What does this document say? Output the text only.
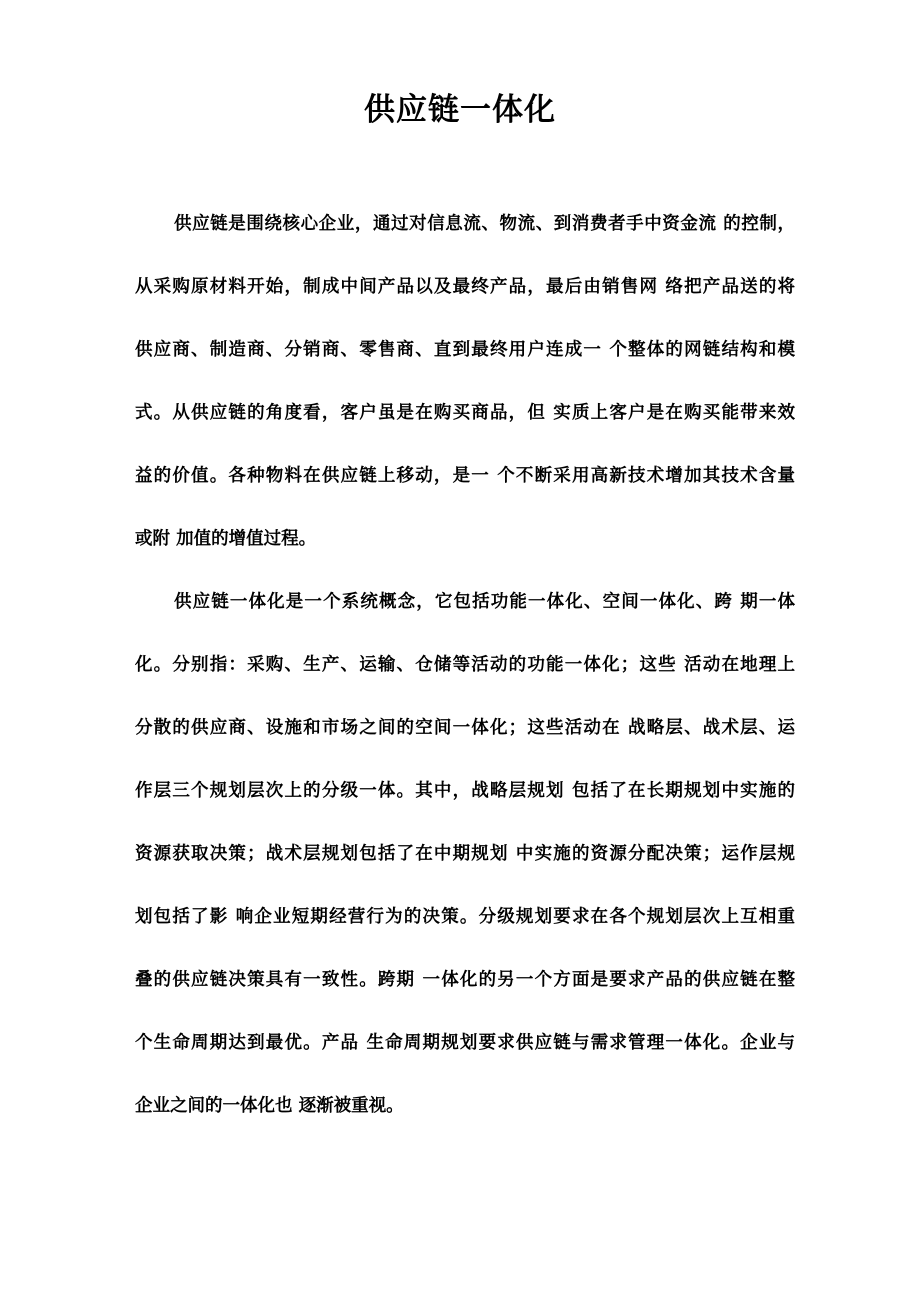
供应链一体化

供应链是围绕核心企业，通过对信息流、物流、到消费者手中资金流 的控制，

从采购原材料开始，制成中间产品以及最终产品，最后由销售网 络把产品送的将

供应商、制造商、分销商、零售商、直到最终用户连成一 个整体的网链结构和模

式。从供应链的角度看，客户虽是在购买商品，但 实质上客户是在购买能带来效

益的价值。各种物料在供应链上移动，是一 个不断采用高新技术增加其技术含量

或附 加值的增值过程。

供应链一体化是一个系统概念，它包括功能一体化、空间一体化、跨 期一体

化。分别指：采购、生产、运输、仓储等活动的功能一体化；这些 活动在地理上

分散的供应商、设施和市场之间的空间一体化；这些活动在 战略层、战术层、运

作层三个规划层次上的分级一体。其中，战略层规划 包括了在长期规划中实施的

资源获取决策；战术层规划包括了在中期规划 中实施的资源分配决策；运作层规

划包括了影 响企业短期经营行为的决策。分级规划要求在各个规划层次上互相重

叠的供应链决策具有一致性。跨期 一体化的另一个方面是要求产品的供应链在整

个生命周期达到最优。产品 生命周期规划要求供应链与需求管理一体化。企业与

企业之间的一体化也 逐渐被重视。
